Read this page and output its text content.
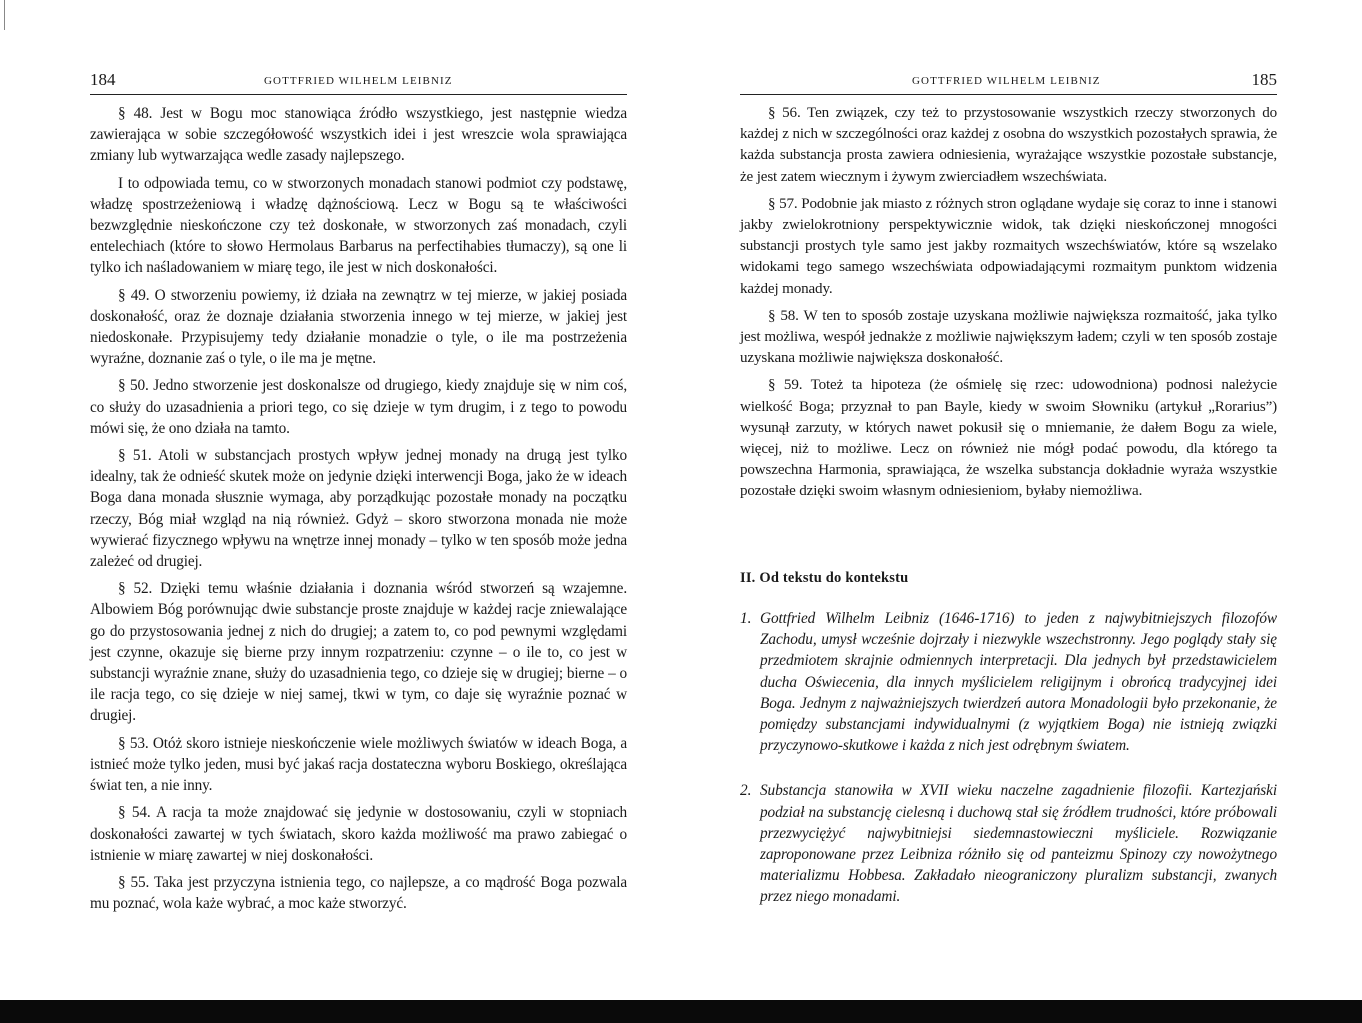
184	GOTTFRIED WILHELM LEIBNIZ

§ 48. Jest w Bogu moc stanowiąca źródło wszystkiego, jest następnie wiedza zawierająca w sobie szczegółowość wszystkich idei i jest wreszcie wola sprawiająca zmiany lub wytwarzająca wedle zasady najlepszego.

I to odpowiada temu, co w stworzonych monadach stanowi podmiot czy podstawę, władzę spostrzeżeniową i władzę dążnościową. Lecz w Bogu są te właściwości bezwzględnie nieskończone czy też doskonałe, w stworzonych zaś monadach, czyli entelechiach (które to słowo Hermolaus Barbarus na perfectihabies tłumaczy), są one li tylko ich naśladowaniem w miarę tego, ile jest w nich doskonałości.

§ 49. O stworzeniu powiemy, iż działa na zewnątrz w tej mierze, w jakiej posiada doskonałość, oraz że doznaje działania stworzenia innego w tej mierze, w jakiej jest niedoskonałe. Przypisujemy tedy działanie monadzie o tyle, o ile ma postrzeżenia wyraźne, doznanie zaś o tyle, o ile ma je mętne.

§ 50. Jedno stworzenie jest doskonalsze od drugiego, kiedy znajduje się w nim coś, co służy do uzasadnienia a priori tego, co się dzieje w tym drugim, i z tego to powodu mówi się, że ono działa na tamto.

§ 51. Atoli w substancjach prostych wpływ jednej monady na drugą jest tylko idealny, tak że odnieść skutek może on jedynie dzięki interwencji Boga, jako że w ideach Boga dana monada słusznie wymaga, aby porządkując pozostałe monady na początku rzeczy, Bóg miał wzgląd na nią również. Gdyż – skoro stworzona monada nie może wywierać fizycznego wpływu na wnętrze innej monady – tylko w ten sposób może jedna zależeć od drugiej.

§ 52. Dzięki temu właśnie działania i doznania wśród stworzeń są wzajemne. Albowiem Bóg porównując dwie substancje proste znajduje w każdej racje zniewalające go do przystosowania jednej z nich do drugiej; a zatem to, co pod pewnymi względami jest czynne, okazuje się bierne przy innym rozpatrzeniu: czynne – o ile to, co jest w substancji wyraźnie znane, służy do uzasadnienia tego, co dzieje się w drugiej; bierne – o ile racja tego, co się dzieje w niej samej, tkwi w tym, co daje się wyraźnie poznać w drugiej.

§ 53. Otóż skoro istnieje nieskończenie wiele możliwych światów w ideach Boga, a istnieć może tylko jeden, musi być jakaś racja dostateczna wyboru Boskiego, określająca świat ten, a nie inny.

§ 54. A racja ta może znajdować się jedynie w dostosowaniu, czyli w stopniach doskonałości zawartej w tych światach, skoro każda możliwość ma prawo zabiegać o istnienie w miarę zawartej w niej doskonałości.

§ 55. Taka jest przyczyna istnienia tego, co najlepsze, a co mądrość Boga pozwala mu poznać, wola każe wybrać, a moc każe stworzyć.

GOTTFRIED WILHELM LEIBNIZ	185

§ 56. Ten związek, czy też to przystosowanie wszystkich rzeczy stworzonych do każdej z nich w szczególności oraz każdej z osobna do wszystkich pozostałych sprawia, że każda substancja prosta zawiera odniesienia, wyrażające wszystkie pozostałe substancje, że jest zatem wiecznym i żywym zwierciadłem wszechświata.

§ 57. Podobnie jak miasto z różnych stron oglądane wydaje się coraz to inne i stanowi jakby zwielokrotniony perspektywicznie widok, tak dzięki nieskończonej mnogości substancji prostych tyle samo jest jakby rozmaitych wszechświatów, które są wszelako widokami tego samego wszechświata odpowiadającymi rozmaitym punktom widzenia każdej monady.

§ 58. W ten to sposób zostaje uzyskana możliwie największa rozmaitość, jaka tylko jest możliwa, wespół jednakże z możliwie największym ładem; czyli w ten sposób zostaje uzyskana możliwie największa doskonałość.

§ 59. Toteż ta hipoteza (że ośmielę się rzec: udowodniona) podnosi należycie wielkość Boga; przyznał to pan Bayle, kiedy w swoim Słowniku (artykuł „Rorarius”) wysunął zarzuty, w których nawet pokusił się o mniemanie, że dałem Bogu za wiele, więcej, niż to możliwe. Lecz on również nie mógł podać powodu, dla którego ta powszechna Harmonia, sprawiająca, że wszelka substancja dokładnie wyraża wszystkie pozostałe dzięki swoim własnym odniesieniom, byłaby niemożliwa.

II. Od tekstu do kontekstu
1. Gottfried Wilhelm Leibniz (1646-1716) to jeden z najwybitniejszych filozofów Zachodu, umysł wcześnie dojrzały i niezwykle wszechstronny. Jego poglądy stały się przedmiotem skrajnie odmiennych interpretacji. Dla jednych był przedstawicielem ducha Oświecenia, dla innych myślicielem religijnym i obrońcą tradycyjnej idei Boga. Jednym z najważniejszych twierdzeń autora Monadologii było przekonanie, że pomiędzy substancjami indywidualnymi (z wyjątkiem Boga) nie istnieją związki przyczynowo-skutkowe i każda z nich jest odrębnym światem.
2. Substancja stanowiła w XVII wieku naczelne zagadnienie filozofii. Kartezjański podział na substancję cielesną i duchową stał się źródłem trudności, które próbowali przezwyciężyć najwybitniejsi siedemnastowieczni myśliciele. Rozwiązanie zaproponowane przez Leibniza różniło się od panteizmu Spinozy czy nowożytnego materializmu Hobbesa. Zakładało nieograniczony pluralizm substancji, zwanych przez niego monadami.
